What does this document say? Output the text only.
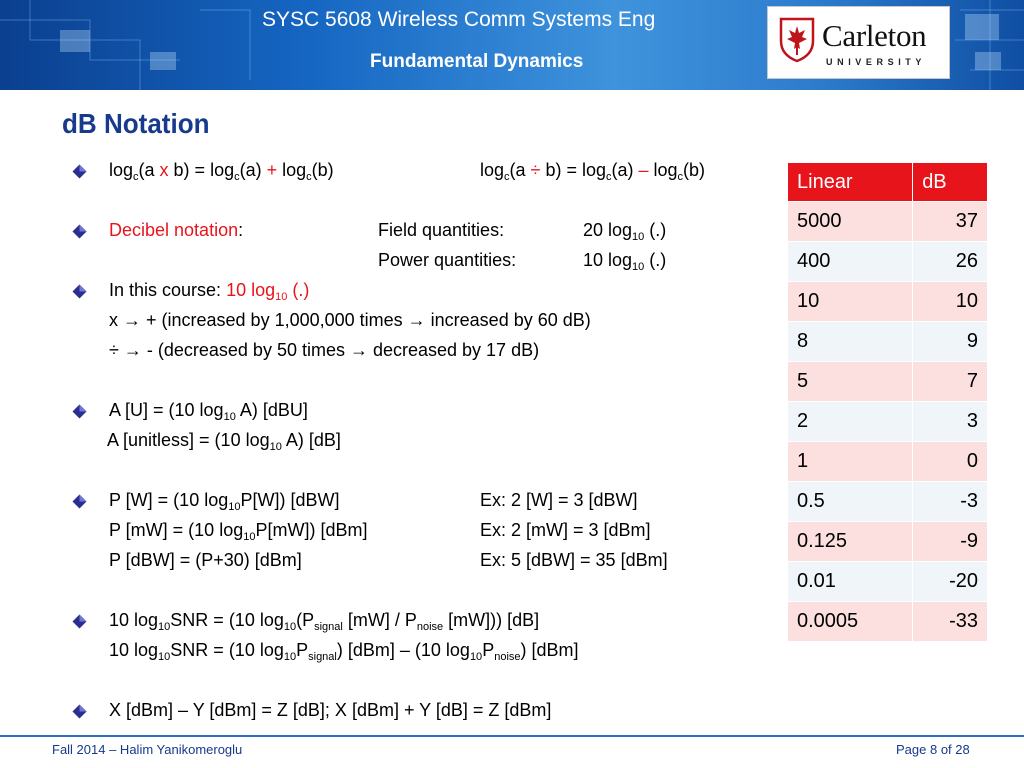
SYSC 5608 Wireless Comm Systems Eng
Fundamental Dynamics
Carleton
UNIVERSITY
dB Notation
$\log_c(a$ x $b) = \log_c(a) + \log_c(b)$	$\log_c(a \div b) = \log_c(a) - \log_c(b)$
Decibel notation:	Field quantities:	20 $\log_{10}$ (.)
Power quantities:	10 $\log_{10}$ (.)
In this course: 10 $\log_{10}$ (.)
x → + (increased by 1,000,000 times → increased by 60 dB)
÷ → - (decreased by 50 times → decreased by 17 dB)
A [U] = (10 $\log_{10} A$) [dBU]
A [unitless] = (10 $\log_{10} A$) [dB]
P [W] = (10 $\log_{10}P[W]$) [dBW]	Ex: 2 [W] = 3 [dBW]
P [mW] = (10 $\log_{10}P[mW]$) [dBm]	Ex: 2 [mW] = 3 [dBm]
P [dBW] = (P+30) [dBm]	Ex: 5 [dBW] = 35 [dBm]
10 $\log_{10}SNR = (10$ $\log_{10}(P_{signal}$ $[mW] / P_{noise}$ [mW])) [dB]
10 $\log_{10}SNR = (10$ $\log_{10}P_{signal}$) [dBm] – (10 $\log_{10}P_{noise}$) [dBm]
X [dBm] – Y [dBm] = Z [dB]; X [dBm] + Y [dB] = Z [dBm]
Linear	dB
5000	37
400	26
10	10
8	9
5	7
2	3
1	0
0.5	-3
0.125	-9
0.01	-20
0.0005	-33
Fall 2014 – Halim Yanikomeroglu	Page 8 of 28
